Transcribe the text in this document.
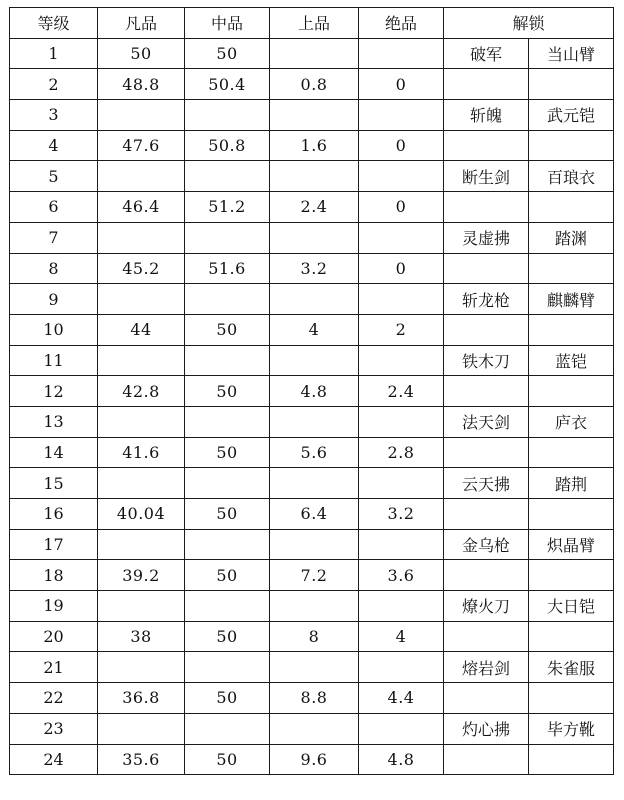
等级	凡品	中品	上品	绝品	解锁	
1	50	50			破军	当山臂
2	48.8	50.4	0.8	0		
3					斩魄	武元铠
4	47.6	50.8	1.6	0		
5					断生剑	百琅衣
6	46.4	51.2	2.4	0		
7					灵虚拂	踏渊
8	45.2	51.6	3.2	0		
9					斩龙枪	麒麟臂
10	44	50	4	2		
11					铁木刀	蓝铠
12	42.8	50	4.8	2.4		
13					法天剑	庐衣
14	41.6	50	5.6	2.8		
15					云天拂	踏荆
16	40.04	50	6.4	3.2		
17					金乌枪	炽晶臂
18	39.2	50	7.2	3.6		
19					燎火刀	大日铠
20	38	50	8	4		
21					熔岩剑	朱雀服
22	36.8	50	8.8	4.4		
23					灼心拂	毕方靴
24	35.6	50	9.6	4.8		
